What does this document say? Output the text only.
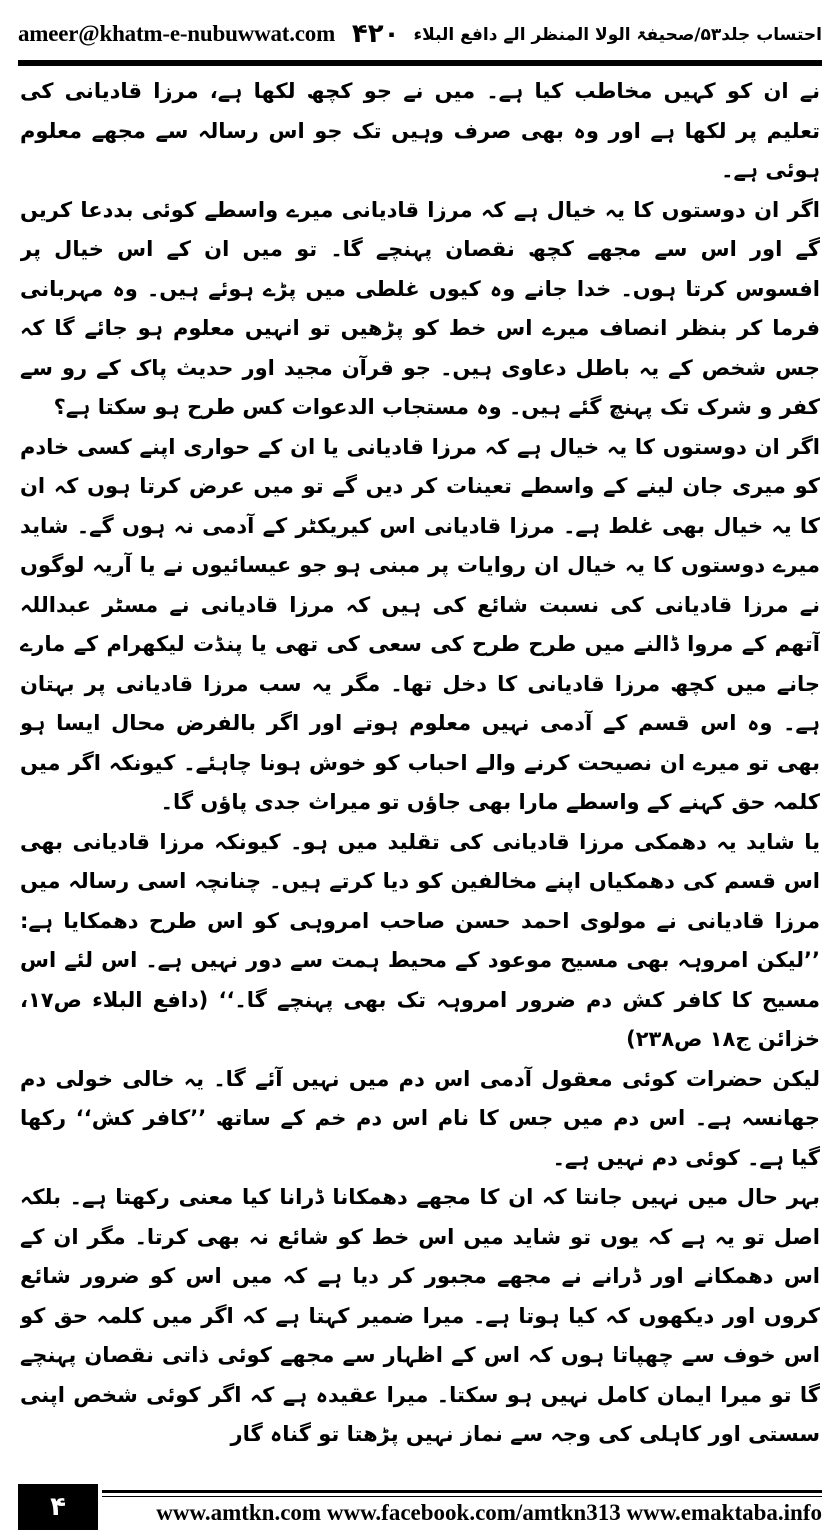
ameer@khatm-e-nubuwwat.com	احتساب جلد۵۳/صحیفۃ الولا المنظر الے دافع البلاء
۴۲۰

نے ان کو کہیں مخاطب کیا ہے۔ میں نے جو کچھ لکھا ہے، مرزا قادیانی کی تعلیم پر لکھا ہے اور وہ بھی صرف وہیں تک جو اس رسالہ سے مجھے معلوم ہوئی ہے۔

اگر ان دوستوں کا یہ خیال ہے کہ مرزا قادیانی میرے واسطے کوئی بددعا کریں گے اور اس سے مجھے کچھ نقصان پہنچے گا۔ تو میں ان کے اس خیال پر افسوس کرتا ہوں۔ خدا جانے وہ کیوں غلطی میں پڑے ہوئے ہیں۔ وہ مہربانی فرما کر بنظر انصاف میرے اس خط کو پڑھیں تو انہیں معلوم ہو جائے گا کہ جس شخص کے یہ باطل دعاوی ہیں۔ جو قرآن مجید اور حدیث پاک کے رو سے کفر و شرک تک پہنچ گئے ہیں۔ وہ مستجاب الدعوات کس طرح ہو سکتا ہے؟

اگر ان دوستوں کا یہ خیال ہے کہ مرزا قادیانی یا ان کے حواری اپنے کسی خادم کو میری جان لینے کے واسطے تعینات کر دیں گے تو میں عرض کرتا ہوں کہ ان کا یہ خیال بھی غلط ہے۔ مرزا قادیانی اس کیریکٹر کے آدمی نہ ہوں گے۔ شاید میرے دوستوں کا یہ خیال ان روایات پر مبنی ہو جو عیسائیوں نے یا آریہ لوگوں نے مرزا قادیانی کی نسبت شائع کی ہیں کہ مرزا قادیانی نے مسٹر عبداللہ آتھم کے مروا ڈالنے میں طرح طرح کی سعی کی تھی یا پنڈت لیکھرام کے مارے جانے میں کچھ مرزا قادیانی کا دخل تھا۔ مگر یہ سب مرزا قادیانی پر بہتان ہے۔ وہ اس قسم کے آدمی نہیں معلوم ہوتے اور اگر بالفرض محال ایسا ہو بھی تو میرے ان نصیحت کرنے والے احباب کو خوش ہونا چاہئے۔ کیونکہ اگر میں کلمہ حق کہنے کے واسطے مارا بھی جاؤں تو میراث جدی پاؤں گا۔

یا شاید یہ دھمکی مرزا قادیانی کی تقلید میں ہو۔ کیونکہ مرزا قادیانی بھی اس قسم کی دھمکیاں اپنے مخالفین کو دیا کرتے ہیں۔ چنانچہ اسی رسالہ میں مرزا قادیانی نے مولوی احمد حسن صاحب امروہی کو اس طرح دھمکایا ہے: ’’لیکن امروہہ بھی مسیح موعود کے محیط ہمت سے دور نہیں ہے۔ اس لئے اس مسیح کا کافر کش دم ضرور امروہہ تک بھی پہنچے گا۔‘‘ (دافع البلاء ص۱۷، خزائن ج۱۸ ص۲۳۸)

لیکن حضرات کوئی معقول آدمی اس دم میں نہیں آئے گا۔ یہ خالی خولی دم جھانسہ ہے۔ اس دم میں جس کا نام اس دم خم کے ساتھ ’’کافر کش‘‘ رکھا گیا ہے۔ کوئی دم نہیں ہے۔

بہر حال میں نہیں جانتا کہ ان کا مجھے دھمکانا ڈرانا کیا معنی رکھتا ہے۔ بلکہ اصل تو یہ ہے کہ یوں تو شاید میں اس خط کو شائع نہ بھی کرتا۔ مگر ان کے اس دھمکانے اور ڈرانے نے مجھے مجبور کر دیا ہے کہ میں اس کو ضرور شائع کروں اور دیکھوں کہ کیا ہوتا ہے۔ میرا ضمیر کہتا ہے کہ اگر میں کلمہ حق کو اس خوف سے چھپاتا ہوں کہ اس کے اظہار سے مجھے کوئی ذاتی نقصان پہنچے گا تو میرا ایمان کامل نہیں ہو سکتا۔ میرا عقیدہ ہے کہ اگر کوئی شخص اپنی سستی اور کاہلی کی وجہ سے نماز نہیں پڑھتا تو گناہ گار

۴	www.amtkn.com www.facebook.com/amtkn313 www.emaktaba.info
